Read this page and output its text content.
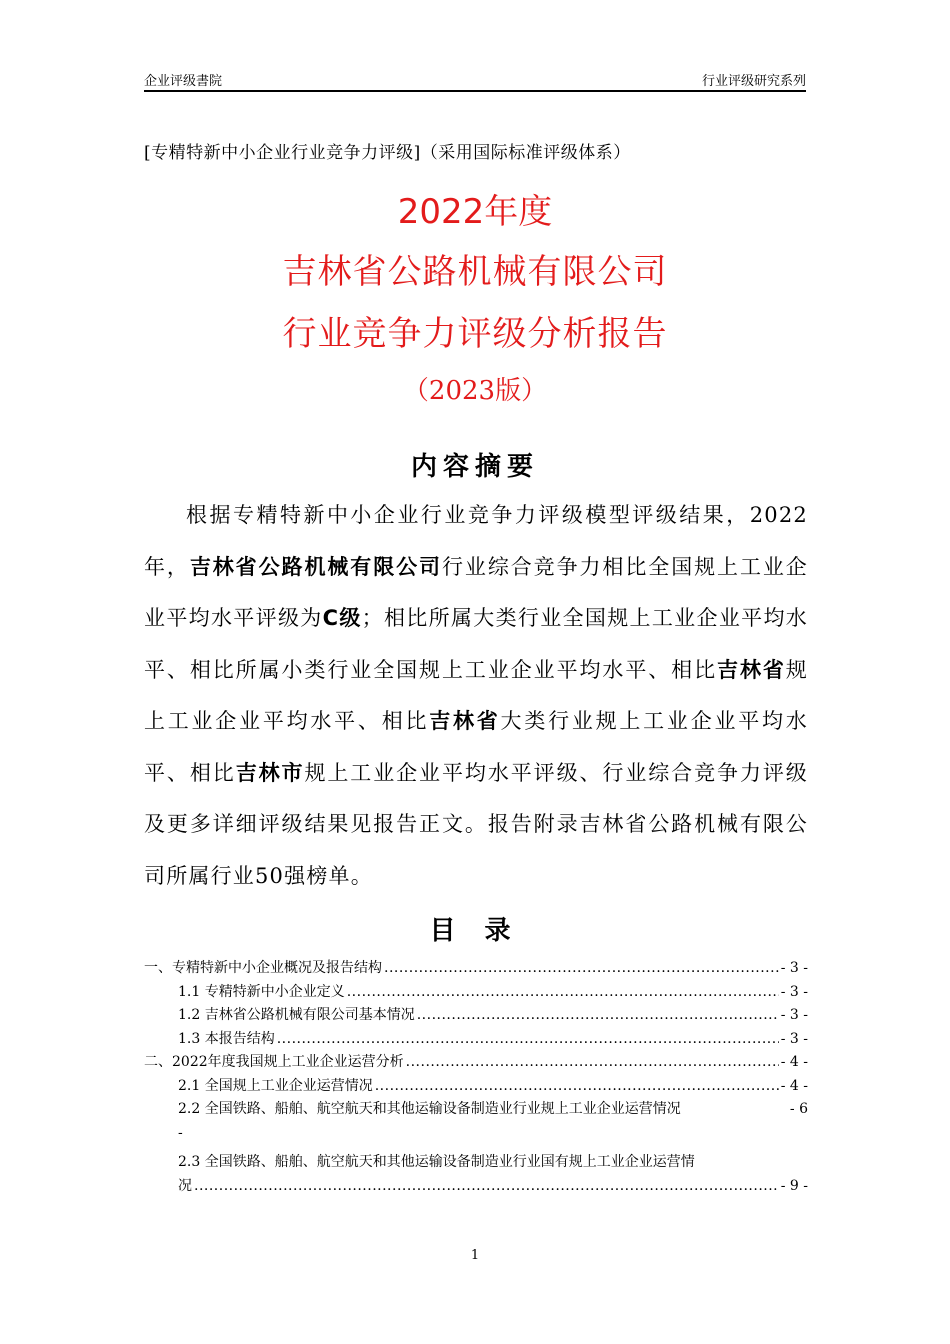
企业评级書院	行业评级研究系列
[专精特新中小企业行业竞争力评级]（采用国际标准评级体系）
2022年度
吉林省公路机械有限公司
行业竞争力评级分析报告
（2023版）
内容摘要
根据专精特新中小企业行业竞争力评级模型评级结果，2022年，吉林省公路机械有限公司行业综合竞争力相比全国规上工业企业平均水平评级为C级；相比所属大类行业全国规上工业企业平均水平、相比所属小类行业全国规上工业企业平均水平、相比吉林省规上工业企业平均水平、相比吉林省大类行业规上工业企业平均水平、相比吉林市规上工业企业平均水平评级、行业综合竞争力评级及更多详细评级结果见报告正文。报告附录吉林省公路机械有限公司所属行业50强榜单。
目 录
一、专精特新中小企业概况及报告结构 .....	- 3 -
1.1 专精特新中小企业定义 .....	- 3 -
1.2 吉林省公路机械有限公司基本情况 .....	- 3 -
1.3 本报告结构 .....	- 3 -
二、2022年度我国规上工业企业运营分析 .....	- 4 -
2.1 全国规上工业企业运营情况 .....	- 4 -
2.2 全国铁路、船舶、航空航天和其他运输设备制造业行业规上工业企业运营情况	- 6
-
2.3 全国铁路、船舶、航空航天和其他运输设备制造业行业国有规上工业企业运营情
况 .....	- 9 -
1
